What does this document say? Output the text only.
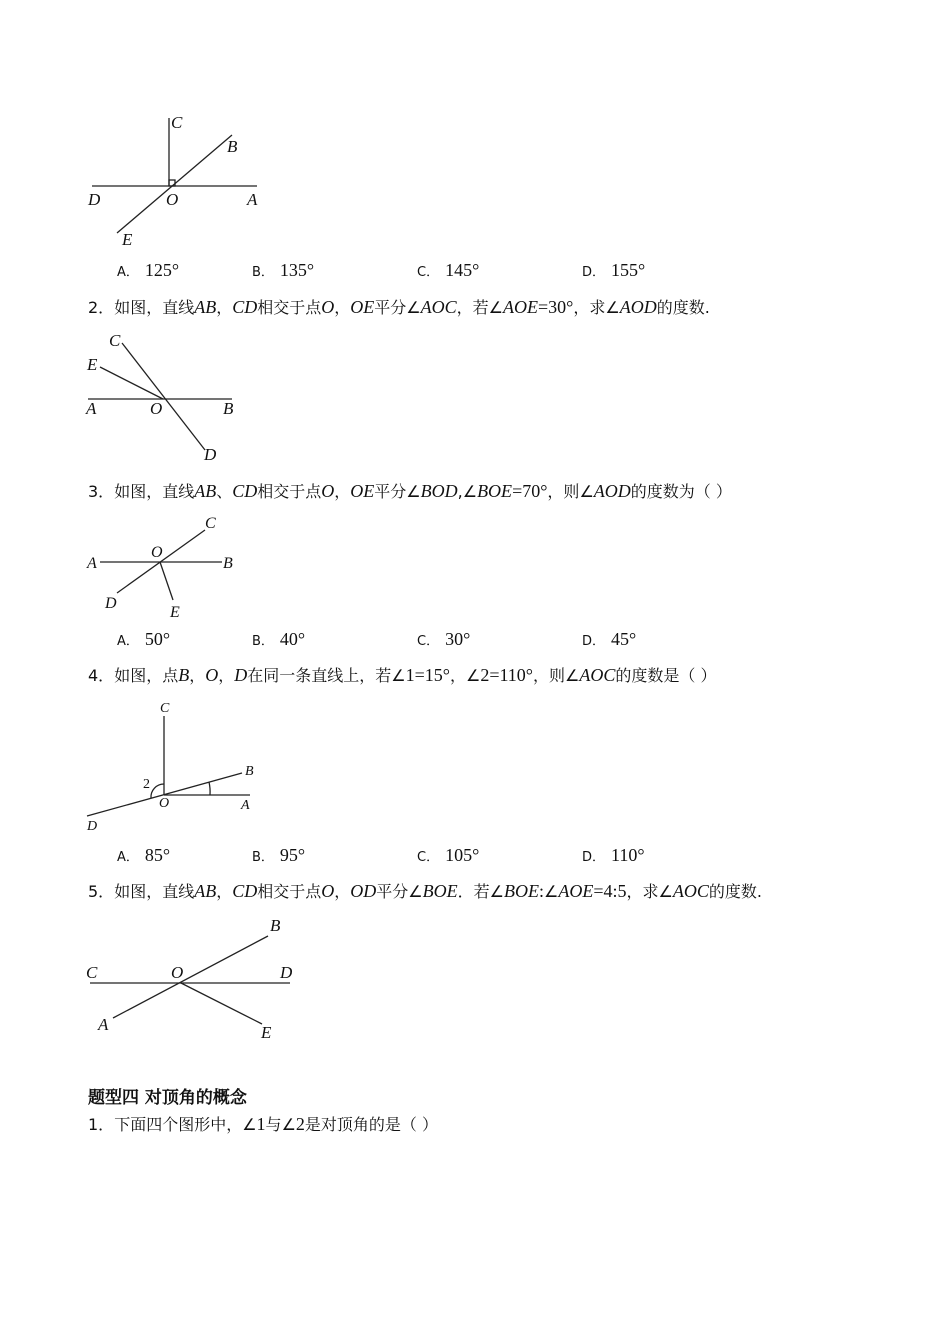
C
B
D	O	A
E
A． 125°	B． 135°	C． 145°	D． 155°
2．如图，直线AB，CD相交于点O，OE平分∠AOC，若∠AOE=30°，求∠AOD的度数.
C
E
A	O	B
D
3．如图，直线AB、CD相交于点O，OE平分∠BOD,∠BOE=70°，则∠AOD的度数为（ ）
C
O
A	B
D
E
A． 50°	B． 40°	C． 30°	D． 45°
4．如图，点B，O，D在同一条直线上，若∠1=15°，∠2=110°，则∠AOC的度数是（ ）
C
B
2
O	A
D
A． 85°	B． 95°	C． 105°	D． 110°
5．如图，直线AB，CD相交于点O，OD平分∠BOE．若∠BOE:∠AOE=4:5，求∠AOC的度数.
B
C	O	D
A	E
题型四 对顶角的概念
1．下面四个图形中，∠1与∠2是对顶角的是（ ）
